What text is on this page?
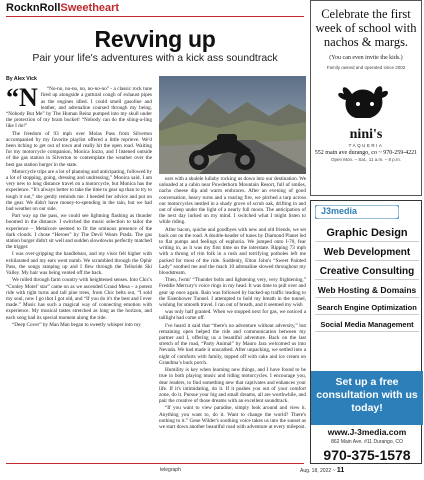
RocknRollSweetheart
Revving up
Pair your life's adventures with a kick ass soundtrack
By Alex Vick
“N	“No-no, no-no, no, no-no-no” - a classic rock tune fired up alongside a guttural cough of exhaust pipes as the engines idled. I could smell gasoline and leather, and adrenaline coursed through my being. “Nobody But Me” by The Human Beinz pumped into my skull under the protection of my brain bucket! “Nobody can do the shing-a-ling like I do!”

The freedom of 93 mph over Molas Pass from Silverton accompanied by my favorite playlist offered a little reprieve. We'd been itching to get out of town and really hit the open road. Waiting for my motorcycle companion, Monica Iozzo, and I listened outside of the gas station in Silverton to contemplate the weather over the best gas station burger in the state.

Motorcycle trips are a lot of planning and anticipating, followed by a lot of stopping, going, dressing and undressing,” Monica said. I am very new to long distance travel on a motorcycle, but Monica has the experience. “It's always better to take the time to gear up than to try to tough it out,” she gently reminds me. I heeded her advice and put on the gear. We didn't have money-to-spending in the rain, but we had bad weather on our side.

Part way up the pass, we could see lightning flashing as thunder boomed in the distance. I switched the music selection to tailor the experience – Metalcore seemed to fit the ominous presence of the dark clouds. I chose “Heroes” by The Devil Wears Prada. The gas station burger didn't sit well and sudden slowdowns perfectly matched the trigger.

I was over-gripping the handlebars, and my visor felt higher with exhilarated and my ears went numb. We scrambled through the Ophir Pass, the songs ramping up and I flew through the Telluride Ski Valley. My hair was being vented off the back.

We rolled through farm country with heightened senses. Into Chic's “Conley Motel’ star” came on as we ascended Grand Mesa – a potent ride with tight turns and tall pine trees, from Chic belts out, “I sold my soul, now I go thot I got old, and “If you do it's the best and I ever made.” Music has such a magical way of connecting emotion with experience. My musical tastes stretched as long as the horizon, and each song had its special moment along the ride.

“Deep Cover” by Man Man began to sweetly whisper into my

ears with a skulele lullaby rocking us down into our destination. We unloaded at a cabin near Powderhorn Mountain Resort, full of smiles, nacho cheese dip and warm embraces. After an evening of good conversation, heavy turns and a roaring fire, we pitched a tarp across our motorcycles nestled in a shady grove of scrub oak, drifting in and out of sleep under the light of a nearly full moon. The anticipation of the next day lurked on my mind. I switched what I might listen to while riding.

After bacon, quiche and goodbyes with new and old friends, we set back out on the road. A double-header of tunes by Diamond Planet led to flat pumps and feelings of euphoria. We jumped onto I-70, fear writing in, as it was my first time on the interstate. Ripping 73 mph with a throng of rim folk in a rush and terrifying potholes left me packed for most of the ride. Suddenly, Elton John's “Sweet Painted Lady” soothed me and the mach 10 adrenaline slowed throughout my bloodstream.

Then, Jwmi’ “Thunder bolts and lightening very, very frightening,” Freddie Mercury's voice rings in my head. It was time to pull over and gear up once again. Rain was followed by backed-up traffic leading to the Eisenhower Tunnel. I attempted to hold my breath in the tunnel, wishing for smooth travel. I ran out of breath, and it seemed my wish

was only half granted. When we stopped next for gas, we noticed a taillight had come off.

I've heard it said that “there's no adventure without adversity,” but remaining open helped the ride and communication between my partner and I, offering us a beautiful adventure. Back on the last stretch of the road, “Party Animal” by Mauro Jara welcomed us into Nevada. We had made it unscathed. After unpacking, we settled into a night of comforts with family, topped off with cake and ice cream on Grandma’s back porch.

Humility is key when learning new things, and I have found to be true in both playing music and riding motorcycles. I encourage you, dear readers, to find something new that captivates and enhances your life. If it's intimidating, do it. If it pushes you out of your comfort zone, do it. Pursue your big and small dreams, all are worthwhile, and pair the creative of those dreams with an excellent soundtrack.

“If you want to view paradise, simply look around and view it. Anything you want to, do it. Want to change the world? There's nothing to it.” Gene Wilder's soothing voice takes us into the sunset as we start down another beautiful road with adventure at every milepost.

telegraph	Aug. 18, 2022 ~ 11
Celebrate the first week of school with nachos & margs.
(You can even invite the kids.)
Family owned and operated since 2002
nini's
TAQUERIA
552 main ave durango, co ~ 970-259-4221
Open Mon. – Sat., 11 a.m. – 8 p.m.
J3media
Graphic Design
Web Development
Creative Consulting
Web Hosting & Domains
Search Engine Optimization
Social Media Management
Set up a free consultation with us today!
www.J-3media.com
862 Main Ave. #11 Durango, CO
970-375-1578
